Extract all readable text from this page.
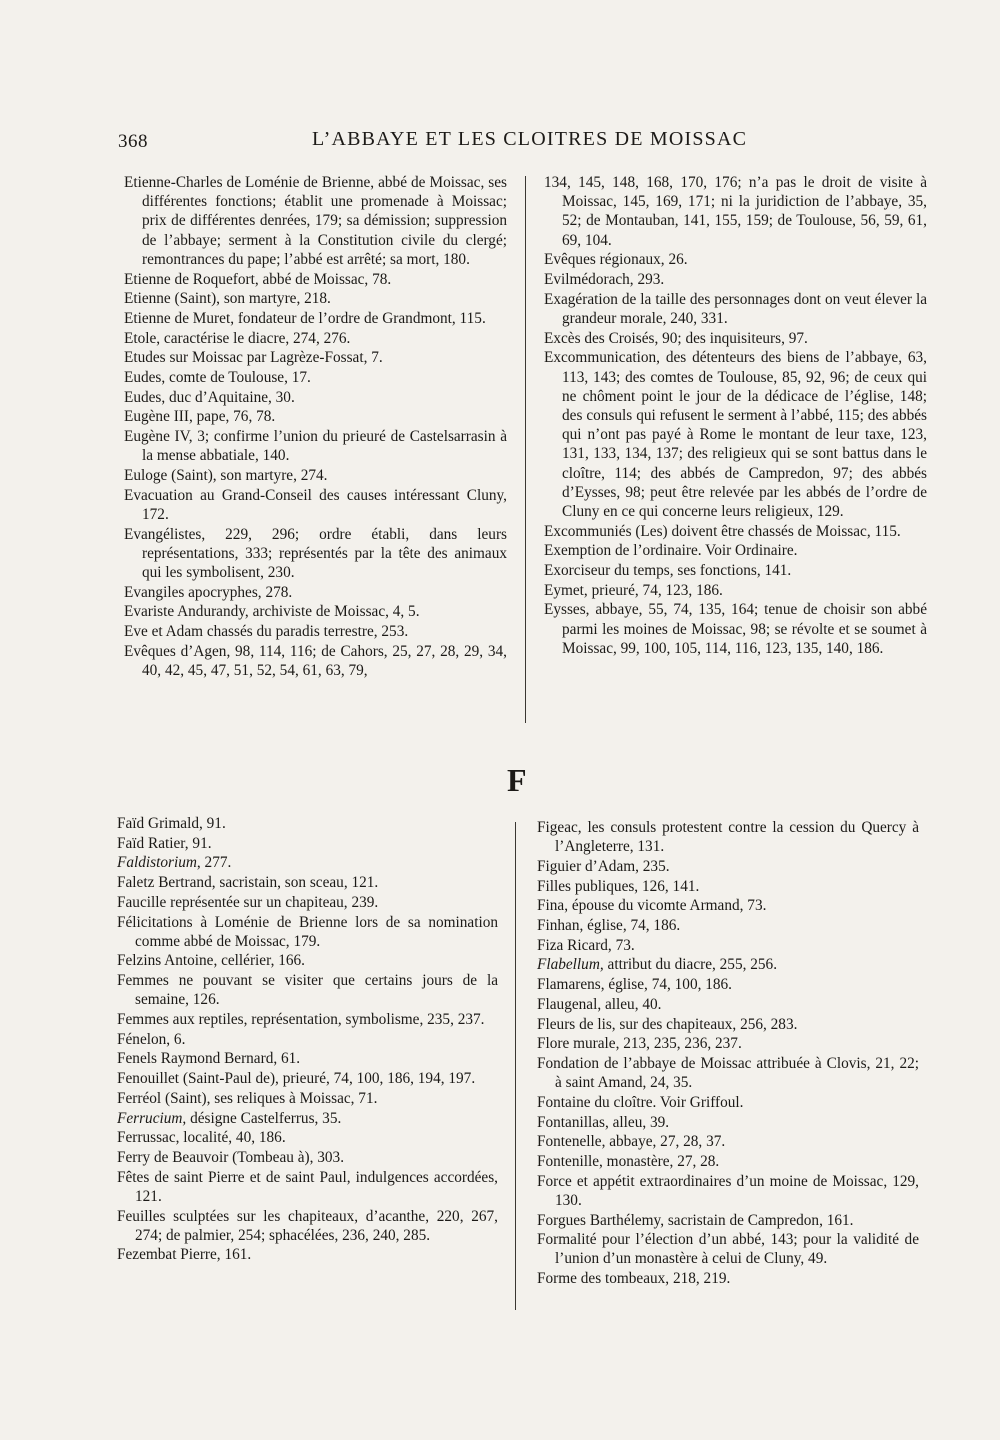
368	L’ABBAYE ET LES CLOITRES DE MOISSAC
Etienne-Charles de Loménie de Brienne, abbé de Moissac, ses différentes fonctions; établit une promenade à Moissac; prix de différentes denrées, 179; sa démission; suppression de l’abbaye; serment à la Constitution civile du clergé; remontrances du pape; l’abbé est arrêté; sa mort, 180.
Etienne de Roquefort, abbé de Moissac, 78.
Etienne (Saint), son martyre, 218.
Etienne de Muret, fondateur de l’ordre de Grandmont, 115.
Etole, caractérise le diacre, 274, 276.
Etudes sur Moissac par Lagrèze-Fossat, 7.
Eudes, comte de Toulouse, 17.
Eudes, duc d’Aquitaine, 30.
Eugène III, pape, 76, 78.
Eugène IV, 3; confirme l’union du prieuré de Castelsarrasin à la mense abbatiale, 140.
Euloge (Saint), son martyre, 274.
Evacuation au Grand-Conseil des causes intéressant Cluny, 172.
Evangélistes, 229, 296; ordre établi, dans leurs représentations, 333; représentés par la tête des animaux qui les symbolisent, 230.
Evangiles apocryphes, 278.
Evariste Andurandy, archiviste de Moissac, 4, 5.
Eve et Adam chassés du paradis terrestre, 253.
Evêques d’Agen, 98, 114, 116; de Cahors, 25, 27, 28, 29, 34, 40, 42, 45, 47, 51, 52, 54, 61, 63, 79,
134, 145, 148, 168, 170, 176; n’a pas le droit de visite à Moissac, 145, 169, 171; ni la juridiction de l’abbaye, 35, 52; de Montauban, 141, 155, 159; de Toulouse, 56, 59, 61, 69, 104.
Evêques régionaux, 26.
Evilmédorach, 293.
Exagération de la taille des personnages dont on veut élever la grandeur morale, 240, 331.
Excès des Croisés, 90; des inquisiteurs, 97.
Excommunication, des détenteurs des biens de l’abbaye, 63, 113, 143; des comtes de Toulouse, 85, 92, 96; de ceux qui ne chôment point le jour de la dédicace de l’église, 148; des consuls qui refusent le serment à l’abbé, 115; des abbés qui n’ont pas payé à Rome le montant de leur taxe, 123, 131, 133, 134, 137; des religieux qui se sont battus dans le cloître, 114; des abbés de Campredon, 97; des abbés d’Eysses, 98; peut être relevée par les abbés de l’ordre de Cluny en ce qui concerne leurs religieux, 129.
Excommuniés (Les) doivent être chassés de Moissac, 115.
Exemption de l’ordinaire. Voir Ordinaire.
Exorciseur du temps, ses fonctions, 141.
Eymet, prieuré, 74, 123, 186.
Eysses, abbaye, 55, 74, 135, 164; tenue de choisir son abbé parmi les moines de Moissac, 98; se révolte et se soumet à Moissac, 99, 100, 105, 114, 116, 123, 135, 140, 186.
F
Faïd Grimald, 91.
Faïd Ratier, 91.
Faldistorium, 277.
Faletz Bertrand, sacristain, son sceau, 121.
Faucille représentée sur un chapiteau, 239.
Félicitations à Loménie de Brienne lors de sa nomination comme abbé de Moissac, 179.
Felzins Antoine, cellérier, 166.
Femmes ne pouvant se visiter que certains jours de la semaine, 126.
Femmes aux reptiles, représentation, symbolisme, 235, 237.
Fénelon, 6.
Fenels Raymond Bernard, 61.
Fenouillet (Saint-Paul de), prieuré, 74, 100, 186, 194, 197.
Ferréol (Saint), ses reliques à Moissac, 71.
Ferrucium, désigne Castelferrus, 35.
Ferrussac, localité, 40, 186.
Ferry de Beauvoir (Tombeau à), 303.
Fêtes de saint Pierre et de saint Paul, indulgences accordées, 121.
Feuilles sculptées sur les chapiteaux, d’acanthe, 220, 267, 274; de palmier, 254; sphacélées, 236, 240, 285.
Fezembat Pierre, 161.
Figeac, les consuls protestent contre la cession du Quercy à l’Angleterre, 131.
Figuier d’Adam, 235.
Filles publiques, 126, 141.
Fina, épouse du vicomte Armand, 73.
Finhan, église, 74, 186.
Fiza Ricard, 73.
Flabellum, attribut du diacre, 255, 256.
Flamarens, église, 74, 100, 186.
Flaugenal, alleu, 40.
Fleurs de lis, sur des chapiteaux, 256, 283.
Flore murale, 213, 235, 236, 237.
Fondation de l’abbaye de Moissac attribuée à Clovis, 21, 22; à saint Amand, 24, 35.
Fontaine du cloître. Voir Griffoul.
Fontanillas, alleu, 39.
Fontenelle, abbaye, 27, 28, 37.
Fontenille, monastère, 27, 28.
Force et appétit extraordinaires d’un moine de Moissac, 129, 130.
Forgues Barthélemy, sacristain de Campredon, 161.
Formalité pour l’élection d’un abbé, 143; pour la validité de l’union d’un monastère à celui de Cluny, 49.
Forme des tombeaux, 218, 219.
